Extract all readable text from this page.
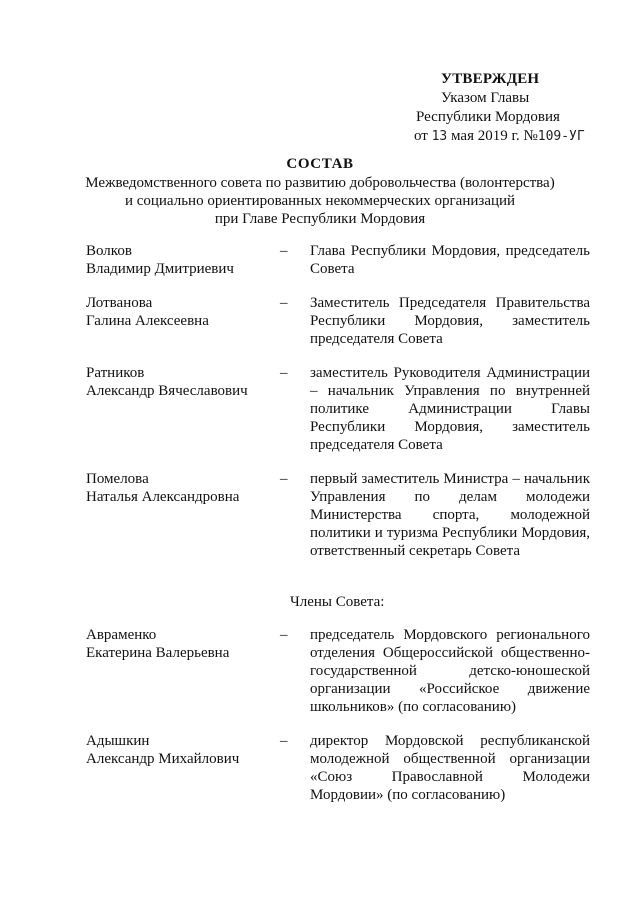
УТВЕРЖДЕН
Указом Главы
Республики Мордовия
от 13 мая 2019 г. №109-УГ
СОСТАВ
Межведомственного совета по развитию добровольчества (волонтерства)
и социально ориентированных некоммерческих организаций
при Главе Республики Мордовия
Волков
Владимир Дмитриевич
– Глава Республики Мордовия, председатель Совета
Лотванова
Галина Алексеевна
– Заместитель Председателя Правительства Республики Мордовия, заместитель председателя Совета
Ратников
Александр Вячеславович
– заместитель Руководителя Администрации – начальник Управления по внутренней политике Администрации Главы Республики Мордовия, заместитель председателя Совета
Помелова
Наталья Александровна
– первый заместитель Министра – начальник Управления по делам молодежи Министерства спорта, молодежной политики и туризма Республики Мордовия, ответственный секретарь Совета
Авраменко
Екатерина Валерьевна
– председатель Мордовского регионального отделения Общероссийской общественно-государственной детско-юношеской организации «Российское движение школьников» (по согласованию)
Адышкин
Александр Михайлович
– директор Мордовской республиканской молодежной общественной организации «Союз Православной Молодежи Мордовии» (по согласованию)
Члены Совета:
